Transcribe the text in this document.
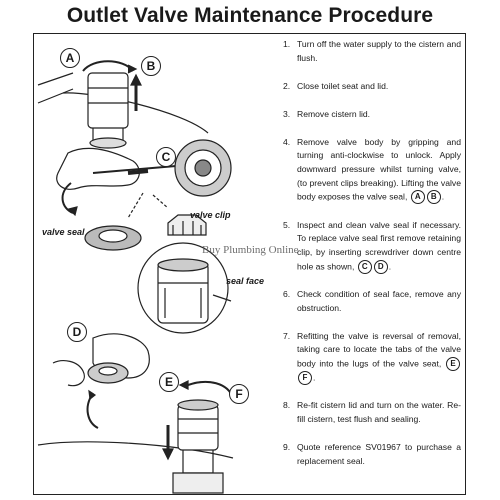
Outlet Valve Maintenance Procedure
A
B
C
D
E
F
valve seal
valve clip
seal face
Buy Plumbing Online
1. Turn off the water supply to the cistern and flush.
2. Close toilet seat and lid.
3. Remove cistern lid.
4. Remove valve body by gripping and turning anti-clockwise to unlock. Apply downward pressure whilst turning valve, (to prevent clips breaking). Lifting the valve body exposes the valve seal, A B .
5. Inspect and clean valve seal if necessary. To replace valve seal first remove retaining clip, by inserting screwdriver down centre hole as shown, C D .
6. Check condition of seal face, remove any obstruction.
7. Refitting the valve is reversal of removal, taking care to locate the tabs of the valve body into the lugs of the valve seat, EF .
8. Re-fit cistern lid and turn on the water. Re-fill cistern, test flush and sealing.
9. Quote reference SV01967 to purchase a replacement seal.
